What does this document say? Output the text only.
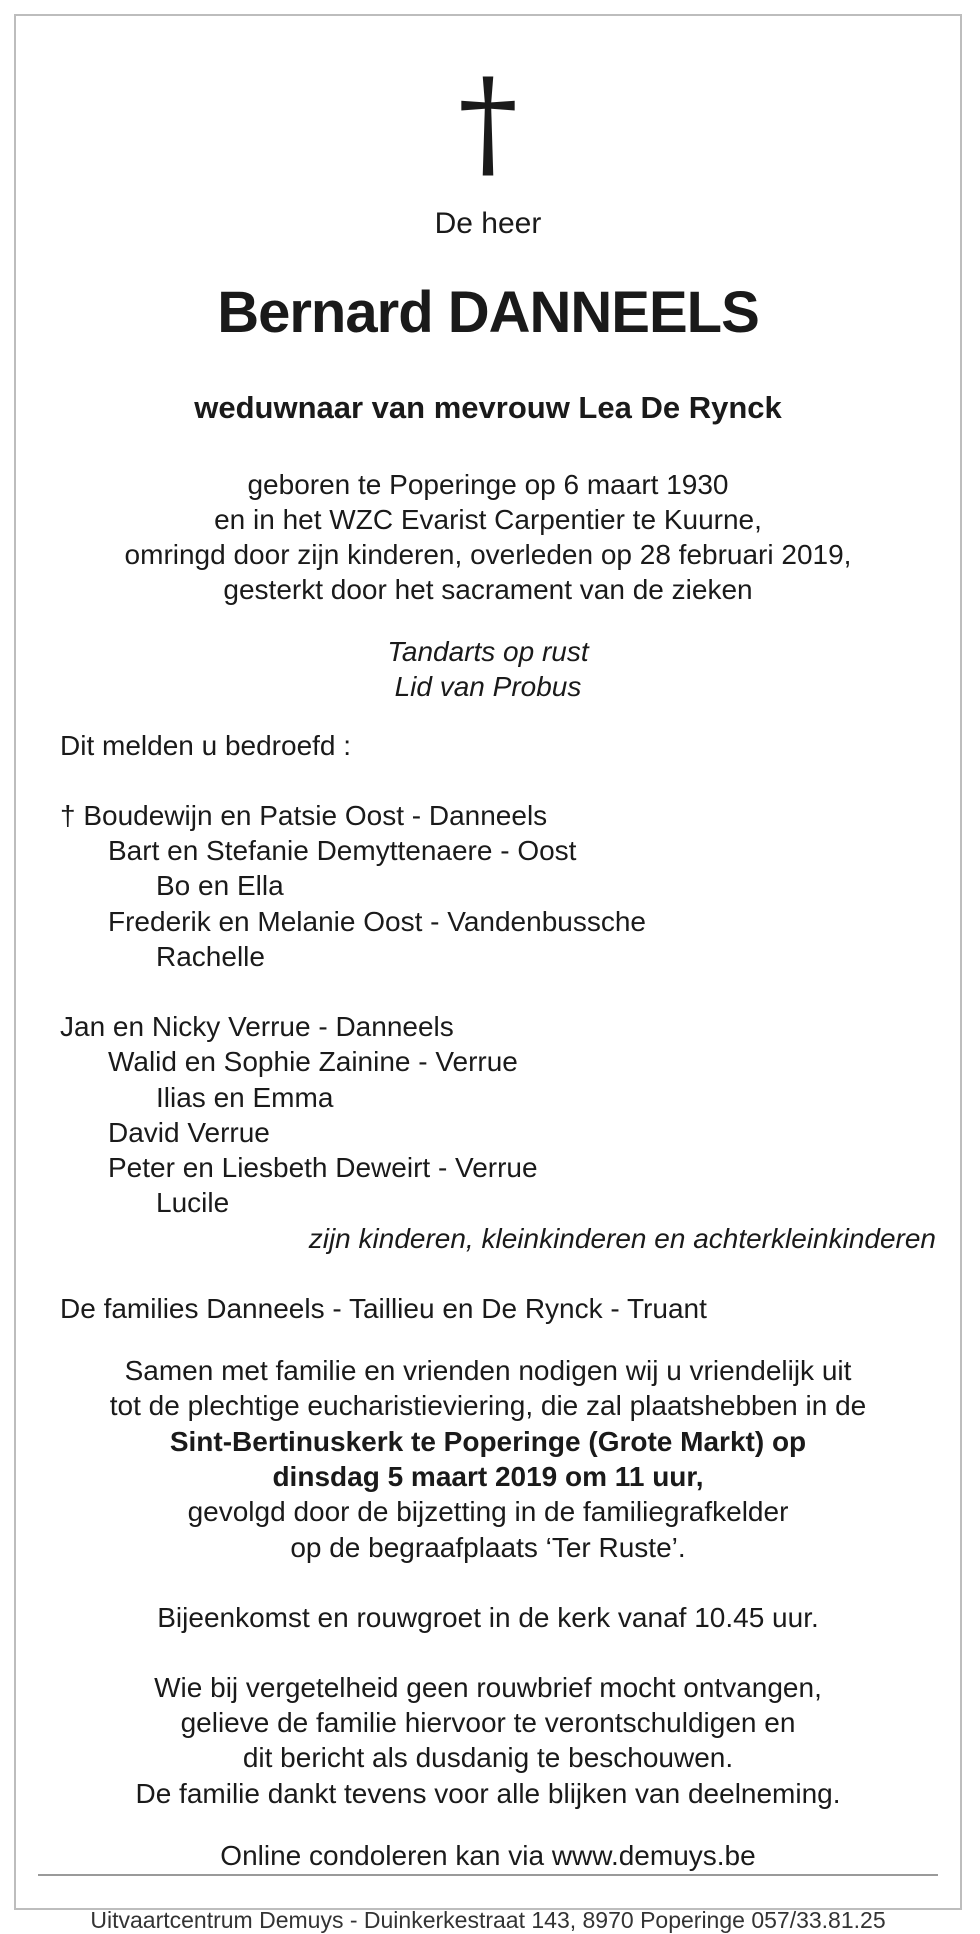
†

De heer

Bernard DANNEELS

weduwnaar van mevrouw Lea De Rynck

geboren te Poperinge op 6 maart 1930

en in het WZC Evarist Carpentier te Kuurne,

omringd door zijn kinderen, overleden op 28 februari 2019,

gesterkt door het sacrament van de zieken

Tandarts op rust

Lid van Probus

Dit melden u bedroefd :

† Boudewijn en Patsie Oost - Danneels

Bart en Stefanie Demyttenaere - Oost

Bo en Ella

Frederik en Melanie Oost - Vandenbussche

Rachelle

Jan en Nicky Verrue - Danneels

Walid en Sophie Zainine - Verrue

Ilias en Emma

David Verrue

Peter en Liesbeth Deweirt - Verrue

Lucile

zijn kinderen, kleinkinderen en achterkleinkinderen

De families Danneels - Taillieu en De Rynck - Truant

Samen met familie en vrienden nodigen wij u vriendelijk uit

tot de plechtige eucharistieviering, die zal plaatshebben in de

Sint-Bertinuskerk te Poperinge (Grote Markt) op

dinsdag 5 maart 2019 om 11 uur,

gevolgd door de bijzetting in de familiegrafkelder

op de begraafplaats ‘Ter Ruste’.

Bijeenkomst en rouwgroet in de kerk vanaf 10.45 uur.

Wie bij vergetelheid geen rouwbrief mocht ontvangen,

gelieve de familie hiervoor te verontschuldigen en

dit bericht als dusdanig te beschouwen.

De familie dankt tevens voor alle blijken van deelneming.

Online condoleren kan via www.demuys.be

Uitvaartcentrum Demuys - Duinkerkestraat 143, 8970 Poperinge 057/33.81.25
